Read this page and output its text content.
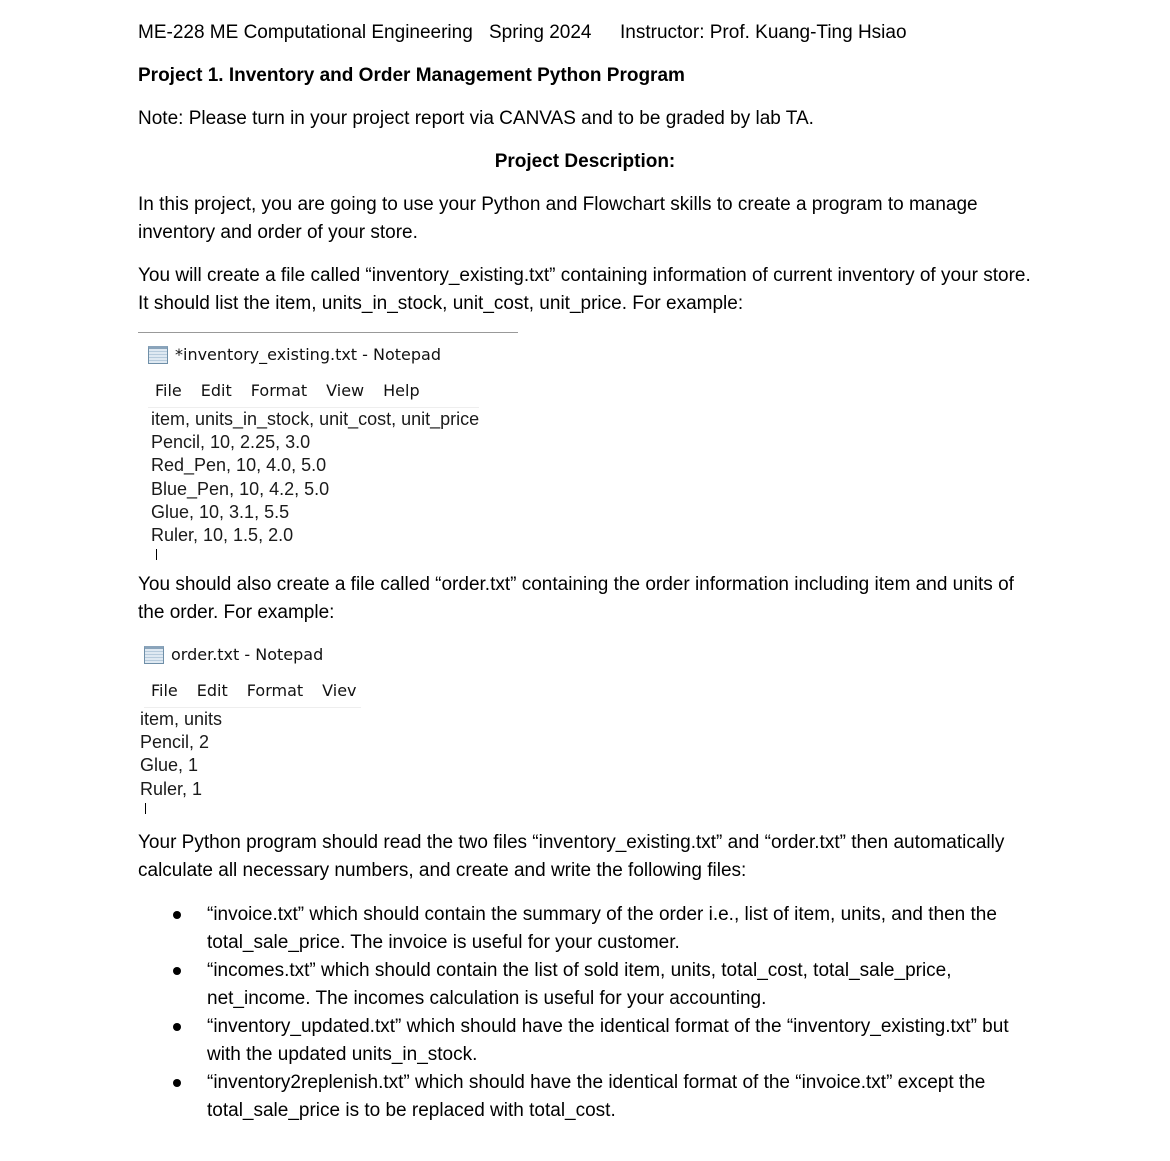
ME-228 ME Computational Engineering Spring 2024 Instructor: Prof. Kuang-Ting Hsiao
Project 1. Inventory and Order Management Python Program
Note: Please turn in your project report via CANVAS and to be graded by lab TA.
Project Description:

In this project, you are going to use your Python and Flowchart skills to create a program to manage inventory and order of your store.

You will create a file called “inventory_existing.txt” containing information of current inventory of your store. It should list the item, units_in_stock, unit_cost, unit_price. For example:

*inventory_existing.txt - Notepad
File Edit Format View Help
item, units_in_stock, unit_cost, unit_price
Pencil, 10, 2.25, 3.0
Red_Pen, 10, 4.0, 5.0
Blue_Pen, 10, 4.2, 5.0
Glue, 10, 3.1, 5.5
Ruler, 10, 1.5, 2.0

You should also create a file called “order.txt” containing the order information including item and units of the order. For example:

order.txt - Notepad
File Edit Format Viev
item, units
Pencil, 2
Glue, 1
Ruler, 1

Your Python program should read the two files “inventory_existing.txt” and “order.txt” then automatically calculate all necessary numbers, and create and write the following files:

“invoice.txt” which should contain the summary of the order i.e., list of item, units, and then the total_sale_price. The invoice is useful for your customer.
“incomes.txt” which should contain the list of sold item, units, total_cost, total_sale_price, net_income. The incomes calculation is useful for your accounting.
“inventory_updated.txt” which should have the identical format of the “inventory_existing.txt” but with the updated units_in_stock.
“inventory2replenish.txt” which should have the identical format of the “invoice.txt” except the total_sale_price is to be replaced with total_cost.
